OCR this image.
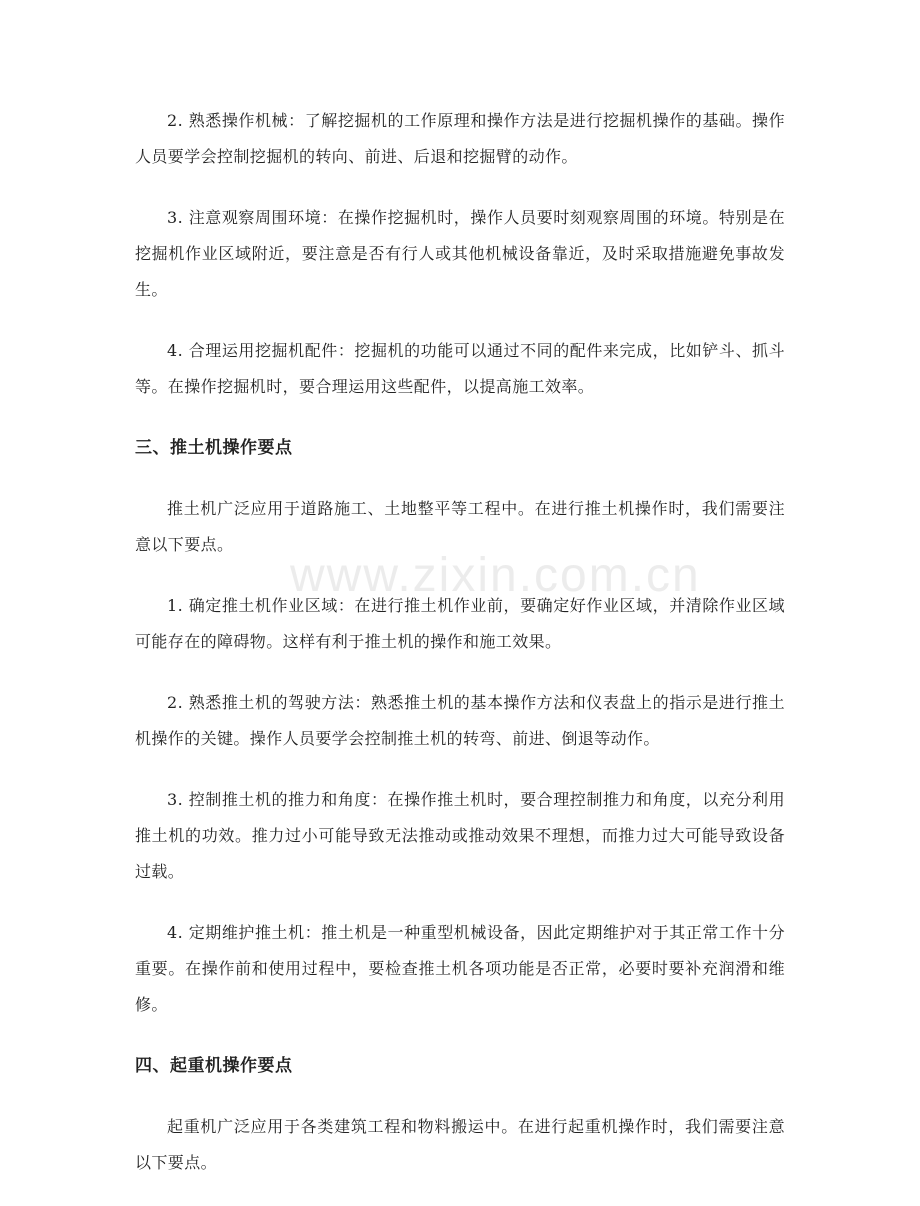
2. 熟悉操作机械：了解挖掘机的工作原理和操作方法是进行挖掘机操作的基础。操作人员要学会控制挖掘机的转向、前进、后退和挖掘臂的动作。

3. 注意观察周围环境：在操作挖掘机时，操作人员要时刻观察周围的环境。特别是在挖掘机作业区域附近，要注意是否有行人或其他机械设备靠近，及时采取措施避免事故发生。

4. 合理运用挖掘机配件：挖掘机的功能可以通过不同的配件来完成，比如铲斗、抓斗等。在操作挖掘机时，要合理运用这些配件，以提高施工效率。

三、推土机操作要点

推土机广泛应用于道路施工、土地整平等工程中。在进行推土机操作时，我们需要注意以下要点。

1. 确定推土机作业区域：在进行推土机作业前，要确定好作业区域，并清除作业区域可能存在的障碍物。这样有利于推土机的操作和施工效果。

2. 熟悉推土机的驾驶方法：熟悉推土机的基本操作方法和仪表盘上的指示是进行推土机操作的关键。操作人员要学会控制推土机的转弯、前进、倒退等动作。

3. 控制推土机的推力和角度：在操作推土机时，要合理控制推力和角度，以充分利用推土机的功效。推力过小可能导致无法推动或推动效果不理想，而推力过大可能导致设备过载。

4. 定期维护推土机：推土机是一种重型机械设备，因此定期维护对于其正常工作十分重要。在操作前和使用过程中，要检查推土机各项功能是否正常，必要时要补充润滑和维修。

四、起重机操作要点

起重机广泛应用于各类建筑工程和物料搬运中。在进行起重机操作时，我们需要注意以下要点。

www.zixin.com.cn
